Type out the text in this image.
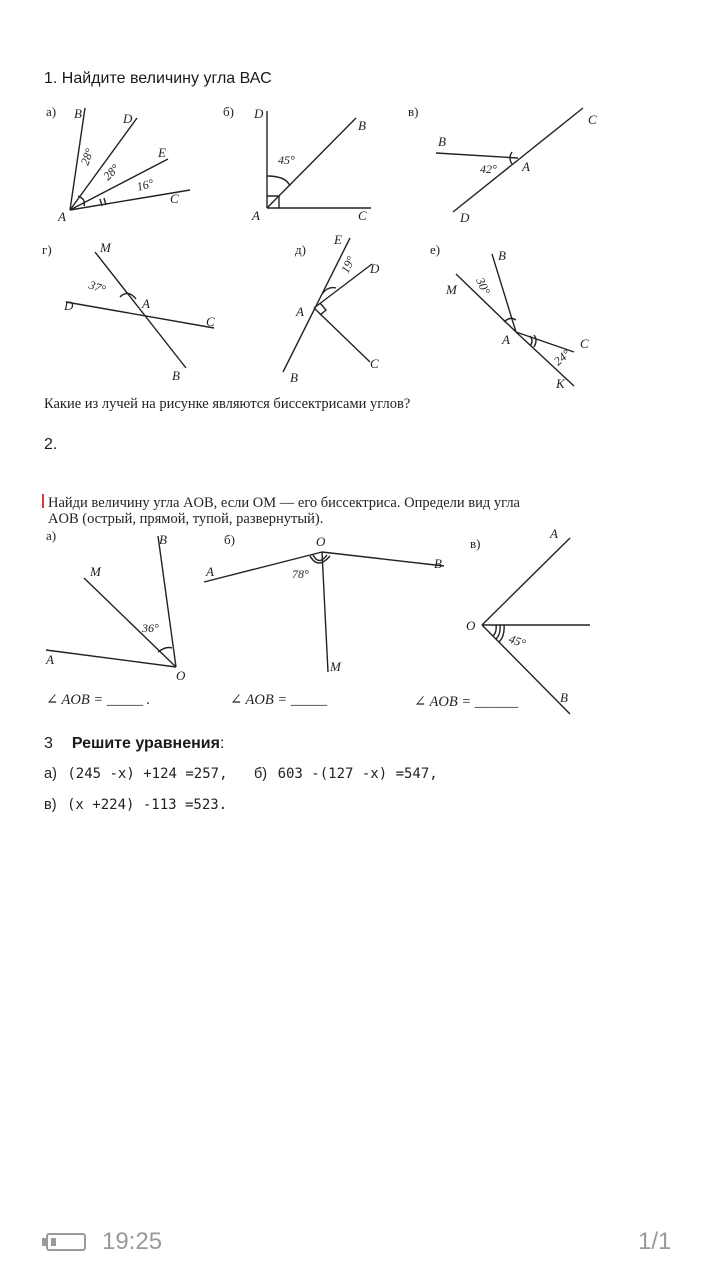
1. Найдите величину угла ВАС
а) B	D
E
C
A
28°
28°
16°
б) D
B
A	C
45°
в)
B
C
A
D
42°
г)	M
D	A
C
B
37°
д)
E
D
A
C
B
19°
е)
M
B
A	C
K
30°
24°
Какие из лучей на рисунке являются биссектрисами углов?
2.
Найди величину угла AOB, если OM — его биссектриса. Определи вид угла
AOB (острый, прямой, тупой, развернутый).
а)	B
M
A
O
36°
б)	O
A
B
M
78°
в)
A
O
B
45°
∠ AOB = _____ .	∠ AOB = _____	∠ AOB = ______
3 Решите уравнения:
а) (245 -x) +124 =257, б) 603 -(127 -x) =547,
в) (x +224) -113 =523.
19:25	1/1
